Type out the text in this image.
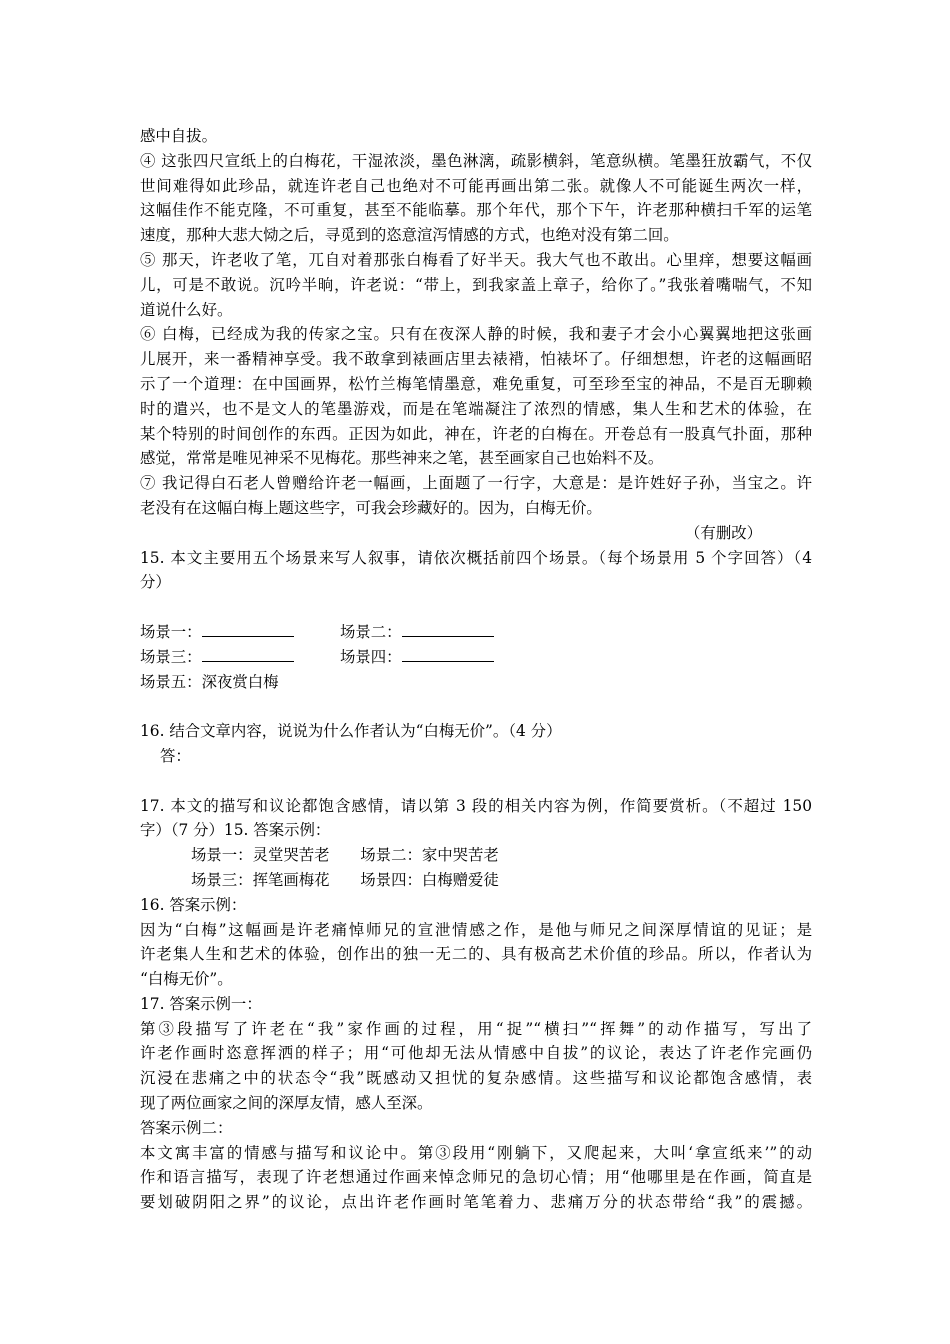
感中自拔。
④ 这张四尺宣纸上的白梅花，干湿浓淡，墨色淋漓，疏影横斜，笔意纵横。笔墨狂放霸气，不仅
世间难得如此珍品，就连许老自己也绝对不可能再画出第二张。就像人不可能诞生两次一样，
这幅佳作不能克隆，不可重复，甚至不能临摹。那个年代，那个下午，许老那种横扫千军的运笔
速度，那种大悲大恸之后，寻觅到的恣意渲泻情感的方式，也绝对没有第二回。
⑤ 那天，许老收了笔，兀自对着那张白梅看了好半天。我大气也不敢出。心里痒，想要这幅画
儿，可是不敢说。沉吟半晌，许老说：“带上，到我家盖上章子，给你了。”我张着嘴喘气，不知
道说什么好。
⑥ 白梅，已经成为我的传家之宝。只有在夜深人静的时候，我和妻子才会小心翼翼地把这张画
儿展开，来一番精神享受。我不敢拿到裱画店里去裱褙，怕裱坏了。仔细想想，许老的这幅画昭
示了一个道理：在中国画界，松竹兰梅笔情墨意，难免重复，可至珍至宝的神品，不是百无聊赖
时的遣兴，也不是文人的笔墨游戏，而是在笔端凝注了浓烈的情感，集人生和艺术的体验，在
某个特别的时间创作的东西。正因为如此，神在，许老的白梅在。开卷总有一股真气扑面，那种
感觉，常常是唯见神采不见梅花。那些神来之笔，甚至画家自己也始料不及。
⑦ 我记得白石老人曾赠给许老一幅画，上面题了一行字，大意是：是许姓好子孙，当宝之。许
老没有在这幅白梅上题这些字，可我会珍藏好的。因为，白梅无价。
（有删改）
15. 本文主要用五个场景来写人叙事，请依次概括前四个场景。（每个场景用 5 个字回答）（4
分）
场景一：	场景二：
场景三：	场景四：
场景五：深夜赏白梅
16. 结合文章内容，说说为什么作者认为“白梅无价”。（4 分）
答：
17. 本文的描写和议论都饱含感情，请以第 3 段的相关内容为例，作简要赏析。（不超过 150
字）（7 分）15. 答案示例：
场景一：灵堂哭苦老　　场景二：家中哭苦老
场景三：挥笔画梅花　　场景四：白梅赠爱徒
16. 答案示例：
因为“白梅”这幅画是许老痛悼师兄的宣泄情感之作，是他与师兄之间深厚情谊的见证；是
许老集人生和艺术的体验，创作出的独一无二的、具有极高艺术价值的珍品。所以，作者认为
“白梅无价”。
17. 答案示例一：
第③段描写了许老在“我”家作画的过程，用“捉”“横扫”“挥舞”的动作描写，写出了
许老作画时恣意挥洒的样子；用“可他却无法从情感中自拔”的议论，表达了许老作完画仍
沉浸在悲痛之中的状态令“我”既感动又担忧的复杂感情。这些描写和议论都饱含感情，表
现了两位画家之间的深厚友情，感人至深。
答案示例二：
本文寓丰富的情感与描写和议论中。第③段用“刚躺下，又爬起来，大叫‘拿宣纸来’”的动
作和语言描写，表现了许老想通过作画来悼念师兄的急切心情；用“他哪里是在作画，简直是
要划破阴阳之界”的议论，点出许老作画时笔笔着力、悲痛万分的状态带给“我”的震撼。
